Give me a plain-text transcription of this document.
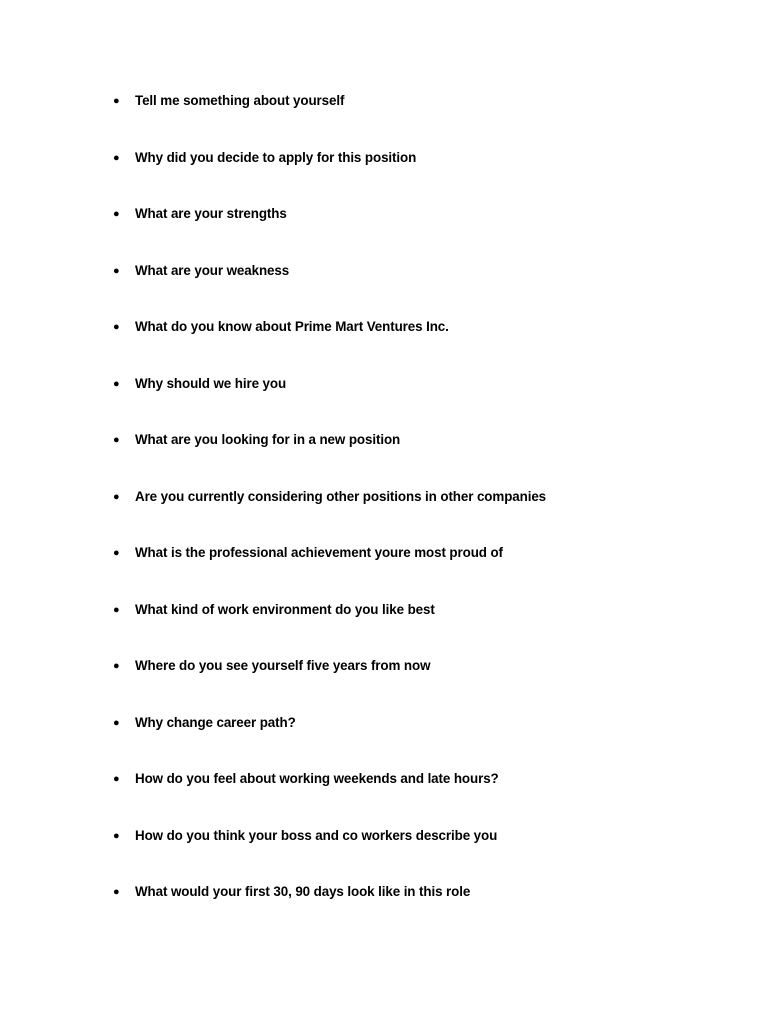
● Tell me something about yourself
● Why did you decide to apply for this position
● What are your strengths
● What are your weakness
● What do you know about Prime Mart Ventures Inc.
● Why should we hire you
● What are you looking for in a new position
● Are you currently considering other positions in other companies
● What is the professional achievement youre most proud of
● What kind of work environment do you like best
● Where do you see yourself five years from now
● Why change career path?
● How do you feel about working weekends and late hours?
● How do you think your boss and co workers describe you
● What would your first 30, 90 days look like in this role
